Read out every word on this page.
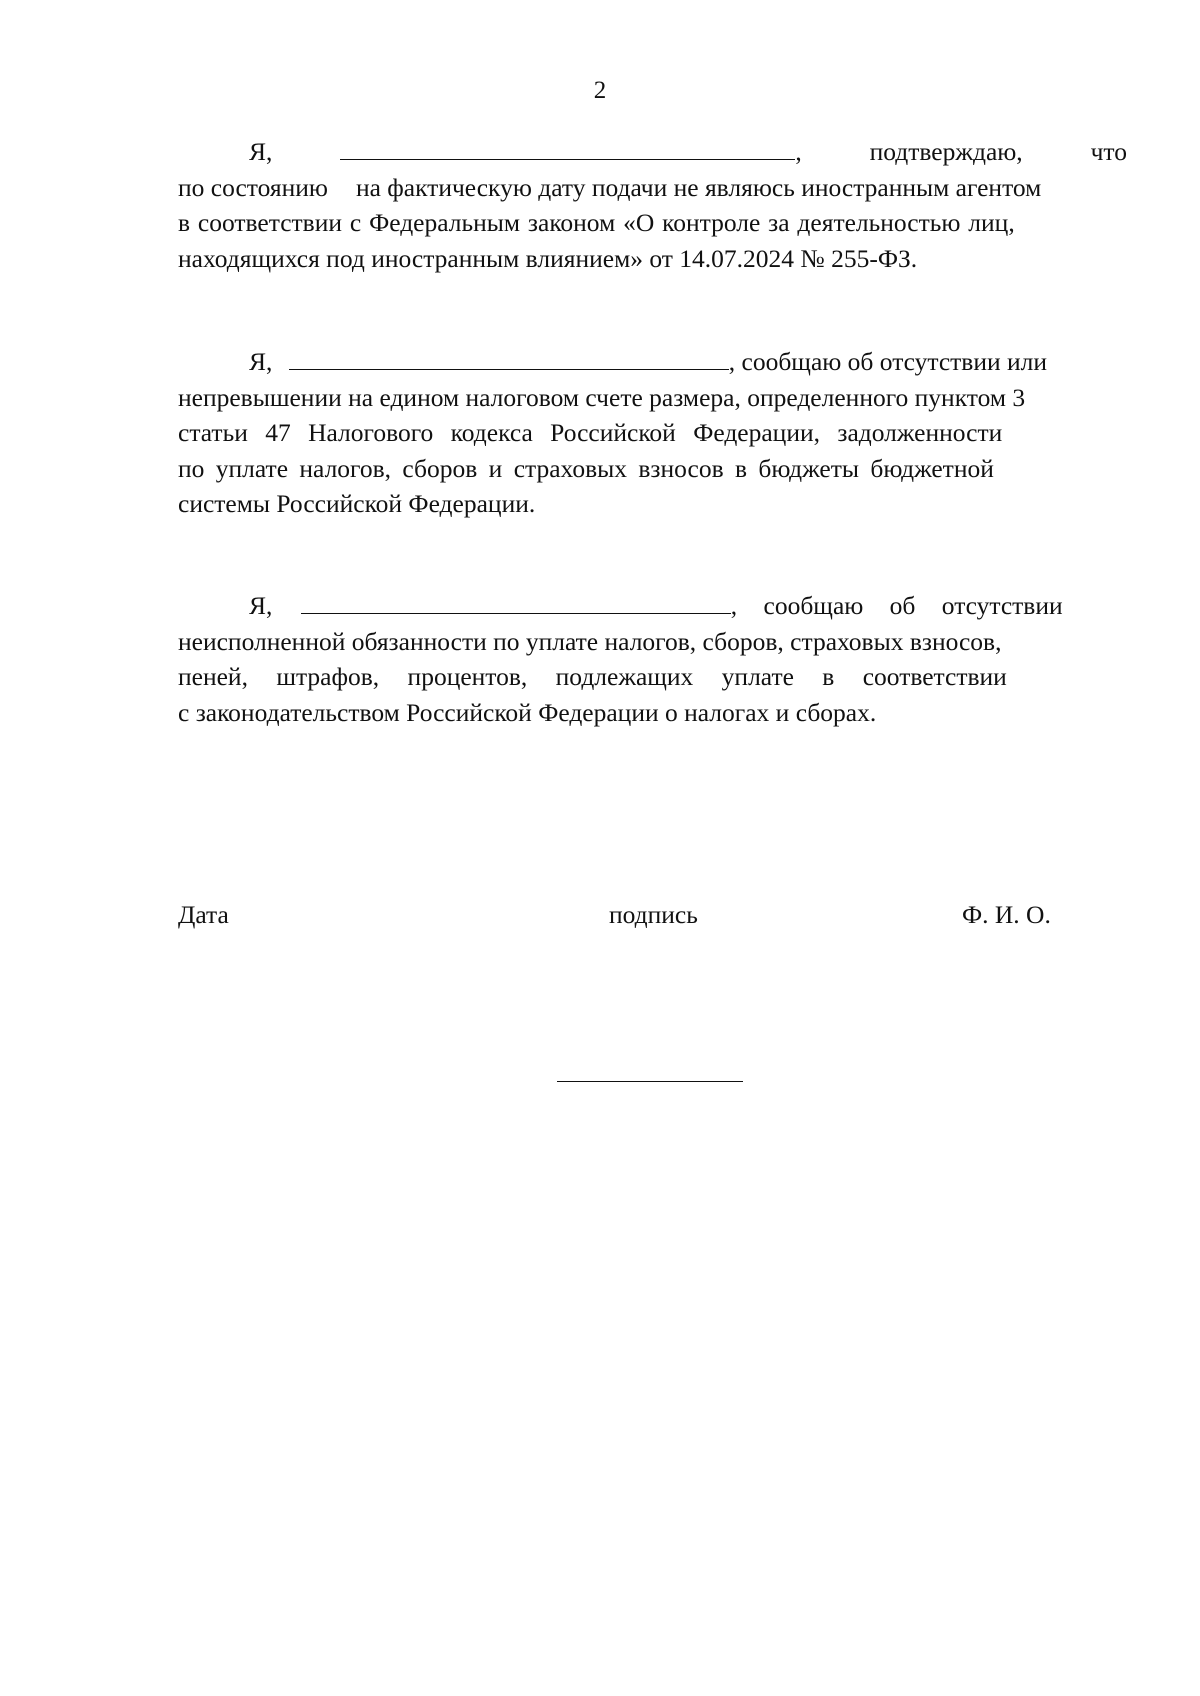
2
Я,	,	подтверждаю,	что
по состоянию на фактическую дату подачи не являюсь иностранным агентом
в соответствии с Федеральным законом «О контроле за деятельностью лиц,
находящихся под иностранным влиянием» от 14.07.2024 № 255-ФЗ.
Я,	, сообщаю об отсутствии или
непревышении на едином налоговом счете размера, определенного пунктом 3
статьи 47 Налогового кодекса Российской Федерации, задолженности
по уплате налогов, сборов и страховых взносов в бюджеты бюджетной
системы Российской Федерации.
Я,	, сообщаю об отсутствии
неисполненной обязанности по уплате налогов, сборов, страховых взносов,
пеней, штрафов, процентов, подлежащих уплате в соответствии
с законодательством Российской Федерации о налогах и сборах.
Дата	подпись	Ф. И. О.
